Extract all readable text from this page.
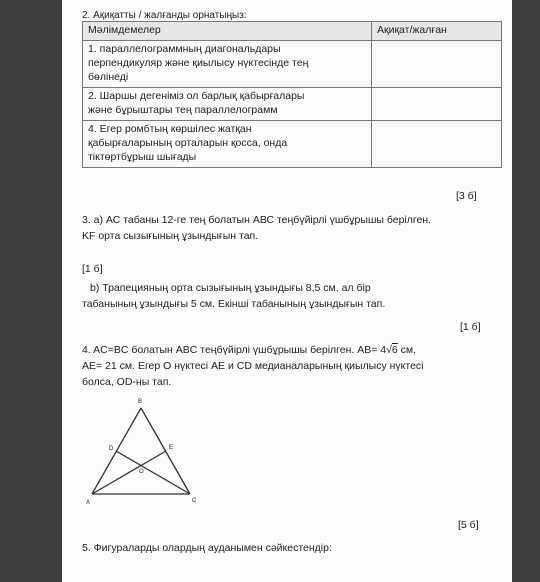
2. Ақиқатты / жалғанды орнатыңыз:
Мәлімдемелер	Ақиқат/жалған

1. параллелограммның диагональдары
перпендикуляр және қиылысу нүктесінде тең
бөлінеді	

2. Шаршы дегеніміз ол барлық қабырғалары
және бұрыштары тең параллелограмм	

4. Егер ромбтың көршілес жатқан
қабырғаларының орталарын қосса, онда
тіктөртбұрыш шығады	

[3 б]
3. a) АС табаны 12-ге тең болатын АВС теңбүйірлі үшбұрышы берілген.
KF орта сызығының ұзындығын тап.
[1 б]
b) Трапецияның орта сызығының ұзындығы 8,5 см, ал бір
табанының ұзындығы 5 см. Екінші табанының ұзындығын тап.
[1 б]
4. AC=BC болатын ABC теңбүйірлі үшбұрышы берілген. AB= 4√6 см,
AE= 21 см. Егер O нүктесі AE и CD медианаларының қиылысу нүктесі
болса, OD-ны тап.
B
D	E
O
A	C
[5 б]
5. Фигураларды олардың ауданымен сәйкестендір:
